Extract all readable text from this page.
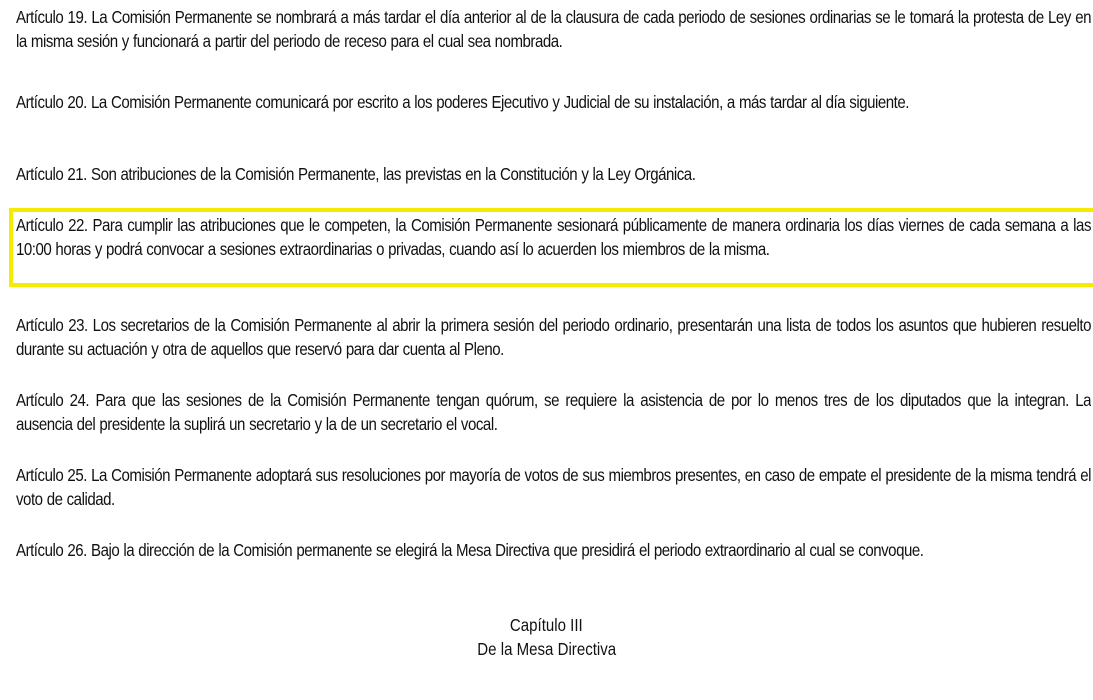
Artículo 19. La Comisión Permanente se nombrará a más tardar el día anterior al de la clausura de cada periodo de sesiones ordinarias se le tomará la protesta de Ley en la misma sesión y funcionará a partir del periodo de receso para el cual sea nombrada.

Artículo 20. La Comisión Permanente comunicará por escrito a los poderes Ejecutivo y Judicial de su instalación, a más tardar al día siguiente.

Artículo 21. Son atribuciones de la Comisión Permanente, las previstas en la Constitución y la Ley Orgánica.

Artículo 22. Para cumplir las atribuciones que le competen, la Comisión Permanente sesionará públicamente de manera ordinaria los días viernes de cada semana a las 10:00 horas y podrá convocar a sesiones extraordinarias o privadas, cuando así lo acuerden los miembros de la misma.

Artículo 23. Los secretarios de la Comisión Permanente al abrir la primera sesión del periodo ordinario, presentarán una lista de todos los asuntos que hubieren resuelto durante su actuación y otra de aquellos que reservó para dar cuenta al Pleno.

Artículo 24. Para que las sesiones de la Comisión Permanente tengan quórum, se requiere la asistencia de por lo menos tres de los diputados que la integran. La ausencia del presidente la suplirá un secretario y la de un secretario el vocal.

Artículo 25. La Comisión Permanente adoptará sus resoluciones por mayoría de votos de sus miembros presentes, en caso de empate el presidente de la misma tendrá el voto de calidad.

Artículo 26. Bajo la dirección de la Comisión permanente se elegirá la Mesa Directiva que presidirá el periodo extraordinario al cual se convoque.

Capítulo III
De la Mesa Directiva
